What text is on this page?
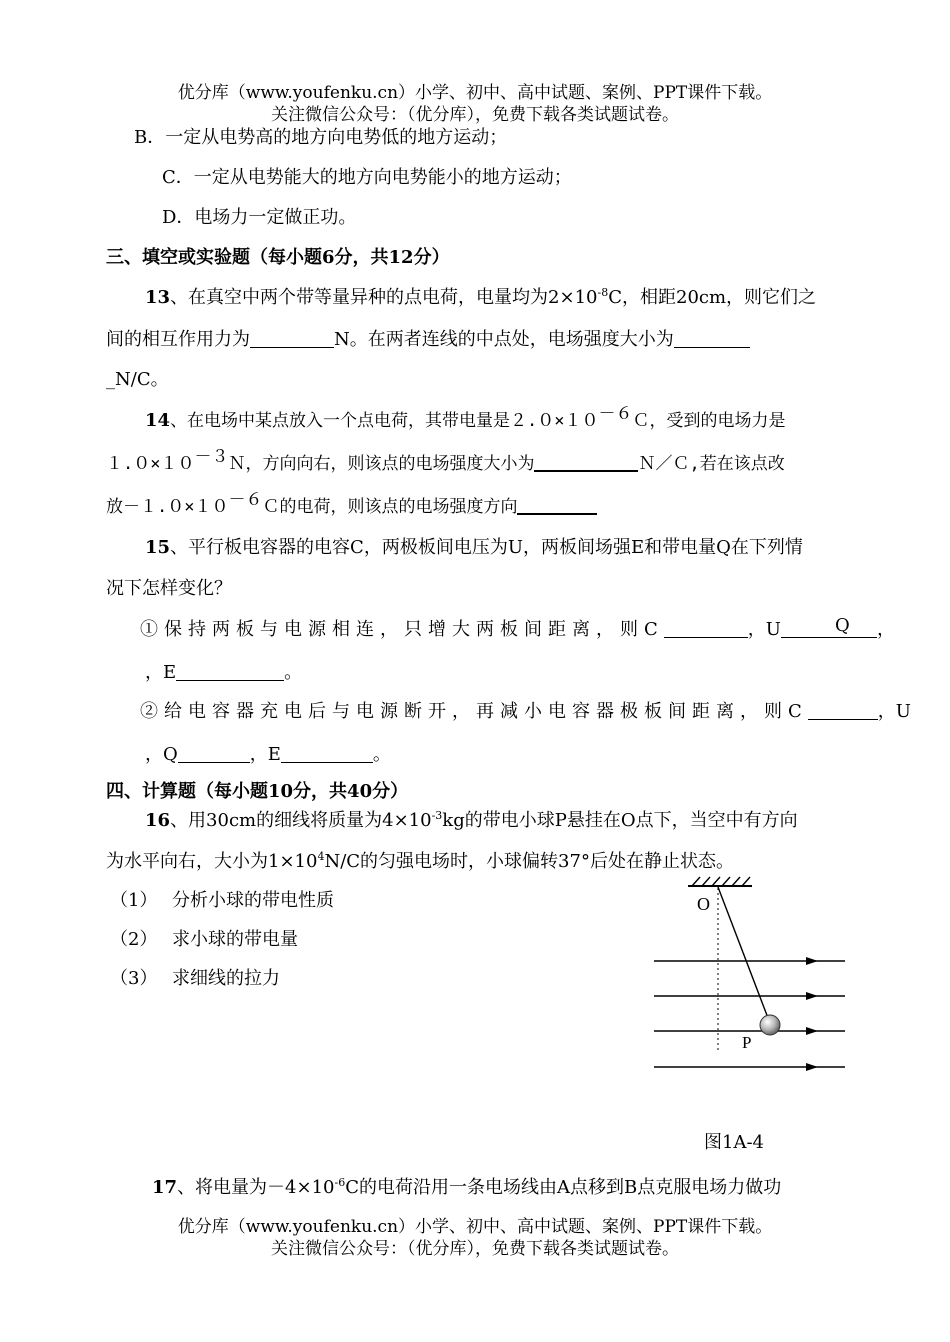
优分库（www.youfenku.cn）小学、初中、高中试题、案例、PPT课件下载。
关注微信公众号：（优分库），免费下载各类试题试卷。
B．一定从电势高的地方向电势低的地方运动；
C．一定从电势能大的地方向电势能小的地方运动；
D．电场力一定做正功。
三、填空或实验题（每小题6分，共12分）
13、在真空中两个带等量异种的点电荷，电量均为$2\times 10^{-8}C$，相距20cm，则它们之
间的相互作用力为	N。在两者连线的中点处，电场强度大小为
_N/C。
14、在电场中某点放入一个点电荷，其带电量是$2.0\times 10^{-6}C$，受到的电场力是
$1.0\times 10^{-3}N$，方向向右，则该点的电场强度大小为	Ｎ／Ｃ,若在该点改
放$-1.0\times 10^{-6}C$的电荷，则该点的电场强度方向
15、平行板电容器的电容C，两极板间电压为U，两板间场强E和带电量Q在下列情
况下怎样变化？
①保持两板与电源相连，只增大两板间距离，则C	，U	，
Q
，E	。
②给电容器充电后与电源断开，再减小电容器极板间距离，则C	，U
，Q	，E	。
四、计算题（每小题10分，共40分）
16、用30cm的细线将质量为$4\times 10^{-3}kg$的带电小球P悬挂在O点下，当空中有方向
为水平向右，大小为$1\times 10^4N/C$的匀强电场时，小球偏转37°后处在静止状态。
（1） 分析小球的带电性质
（2） 求小球的带电量
（3） 求细线的拉力
O
P
图1A-4
17、将电量为$-4\times 10^{-6}C$的电荷沿用一条电场线由A点移到B点克服电场力做功
优分库（www.youfenku.cn）小学、初中、高中试题、案例、PPT课件下载。
关注微信公众号：（优分库），免费下载各类试题试卷。
